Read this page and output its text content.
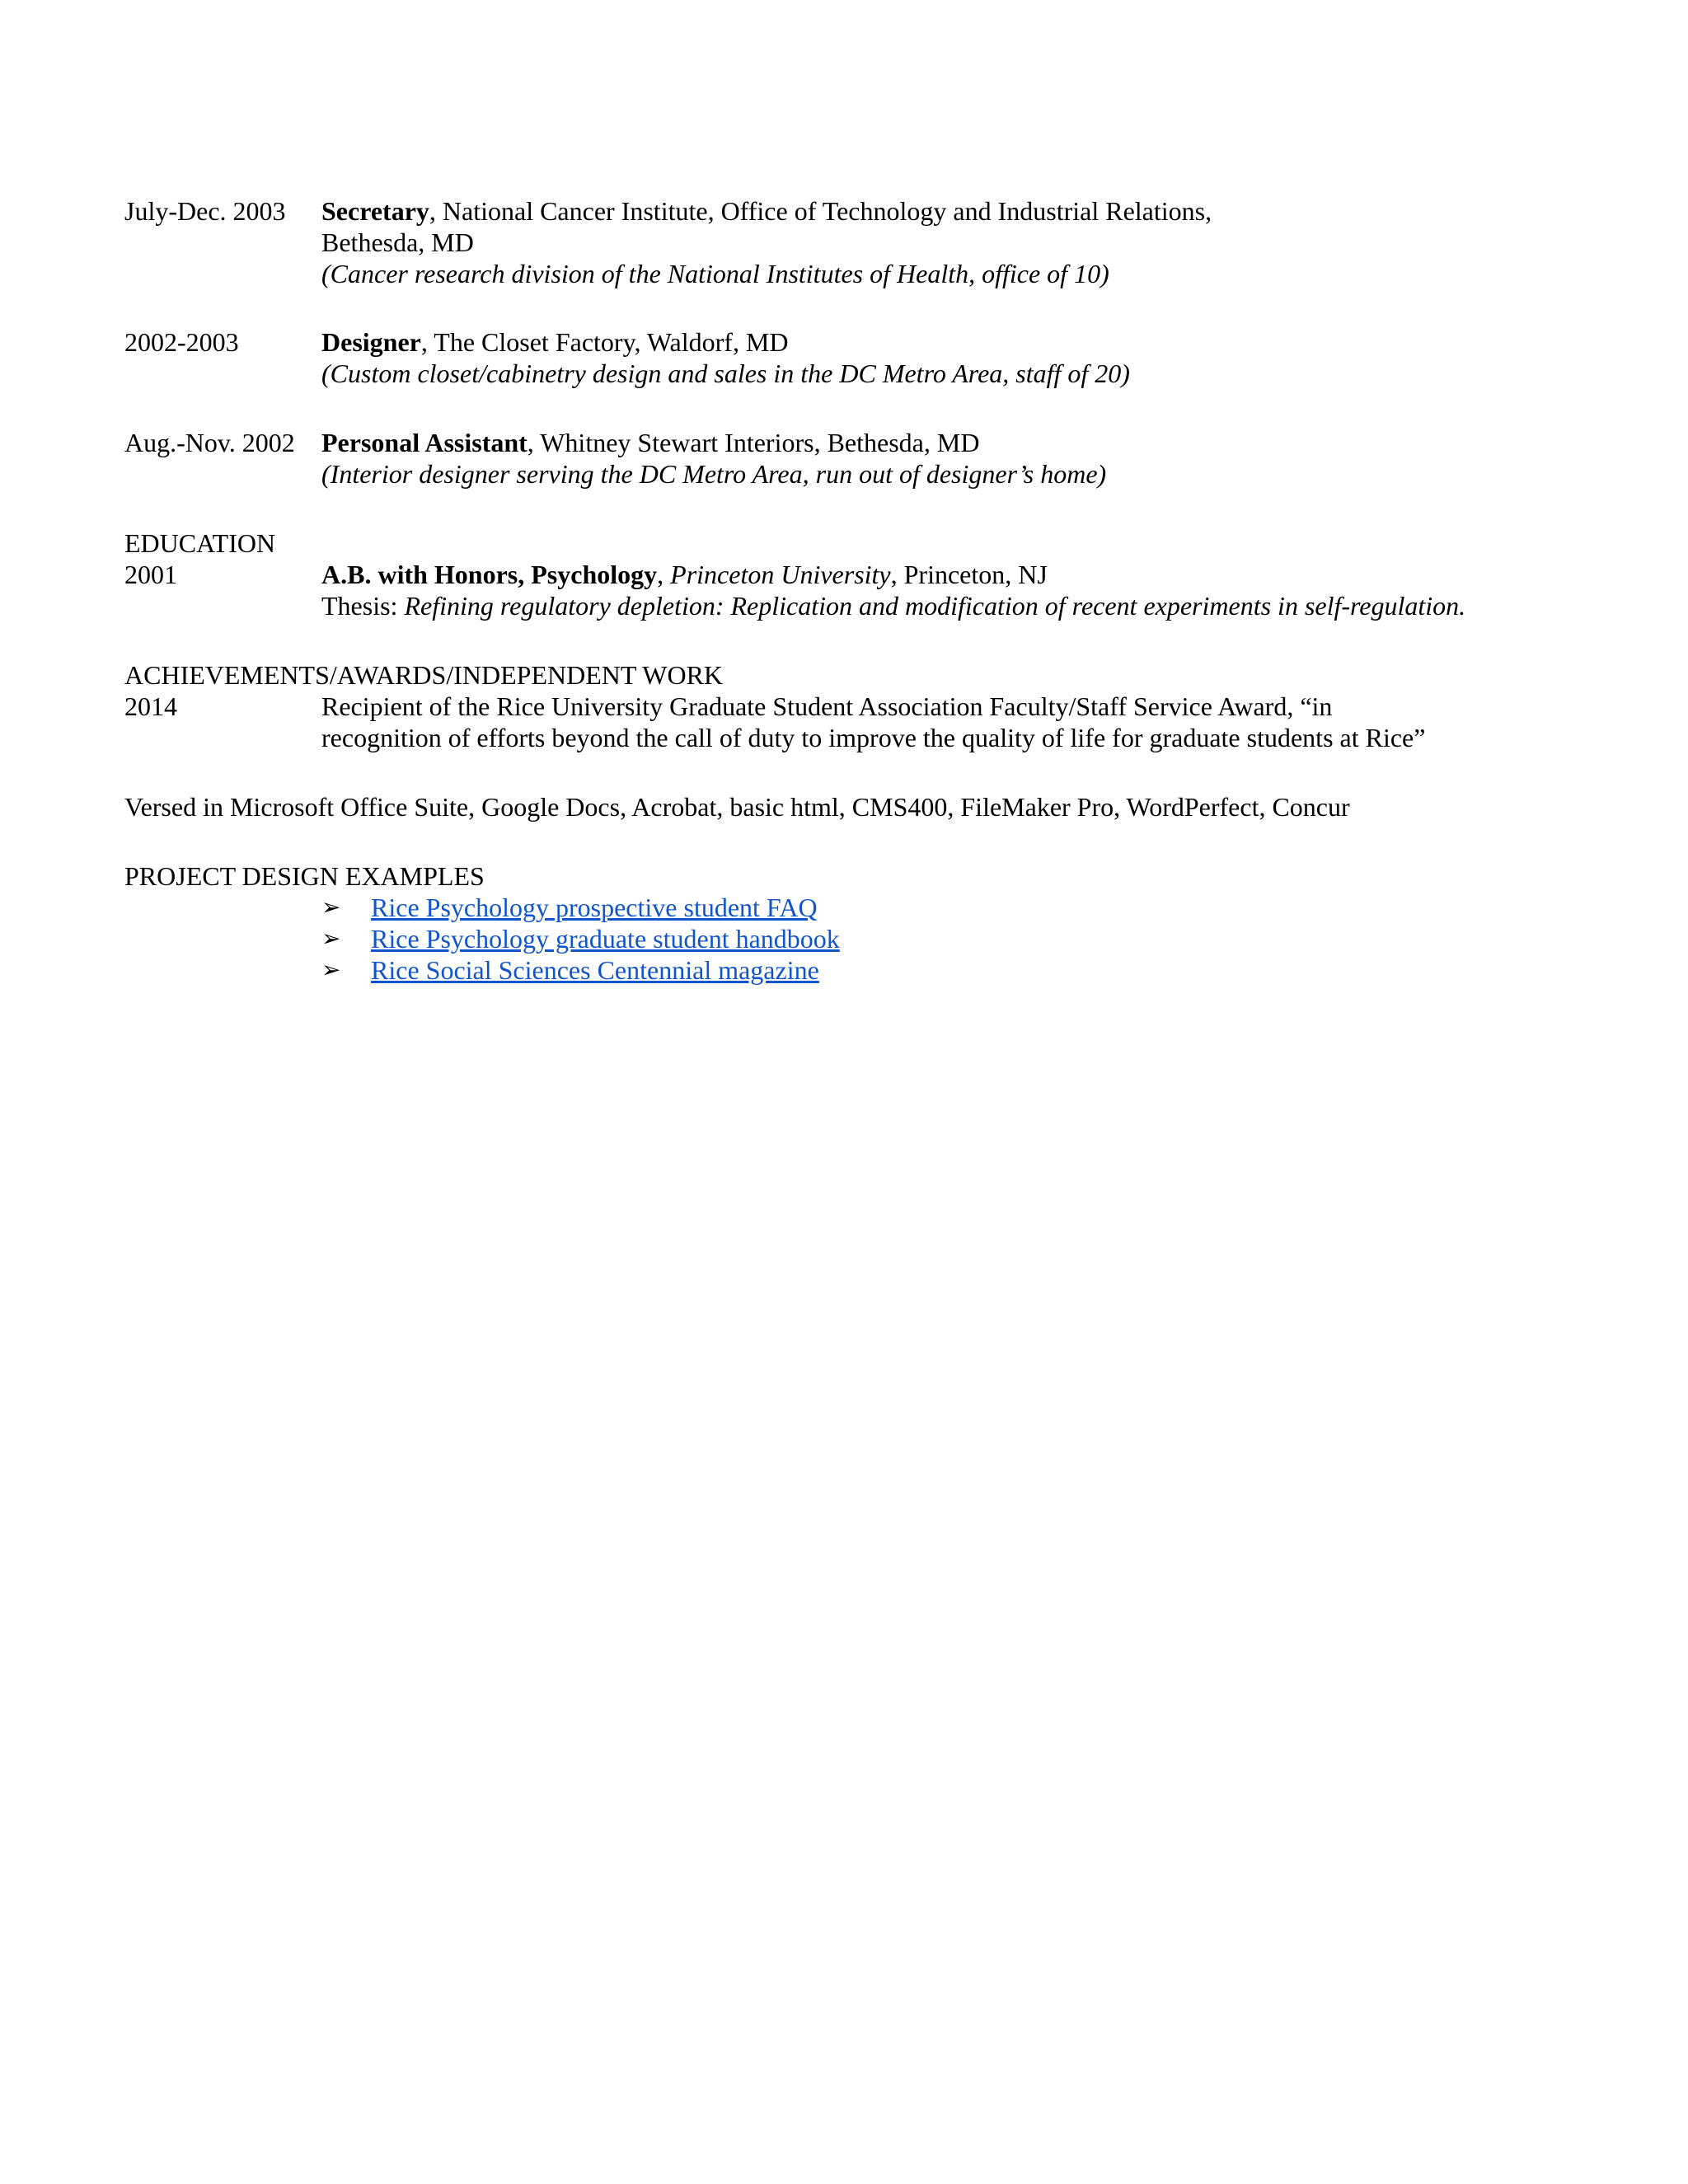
July-Dec. 2003	Secretary, National Cancer Institute, Office of Technology and Industrial Relations,
Bethesda, MD
(Cancer research division of the National Institutes of Health, office of 10)
2002-2003	Designer, The Closet Factory, Waldorf, MD
(Custom closet/cabinetry design and sales in the DC Metro Area, staff of 20)
Aug.-Nov. 2002	Personal Assistant, Whitney Stewart Interiors, Bethesda, MD
(Interior designer serving the DC Metro Area, run out of designer’s home)
EDUCATION
2001	A.B. with Honors, Psychology, Princeton University, Princeton, NJ
Thesis: Refining regulatory depletion: Replication and modification of recent experiments in self-regulation.
ACHIEVEMENTS/AWARDS/INDEPENDENT WORK
2014	Recipient of the Rice University Graduate Student Association Faculty/Staff Service Award, “in
recognition of efforts beyond the call of duty to improve the quality of life for graduate students at Rice”
Versed in Microsoft Office Suite, Google Docs, Acrobat, basic html, CMS400, FileMaker Pro, WordPerfect, Concur
PROJECT DESIGN EXAMPLES
➢	Rice Psychology prospective student FAQ
➢	Rice Psychology graduate student handbook
➢	Rice Social Sciences Centennial magazine
